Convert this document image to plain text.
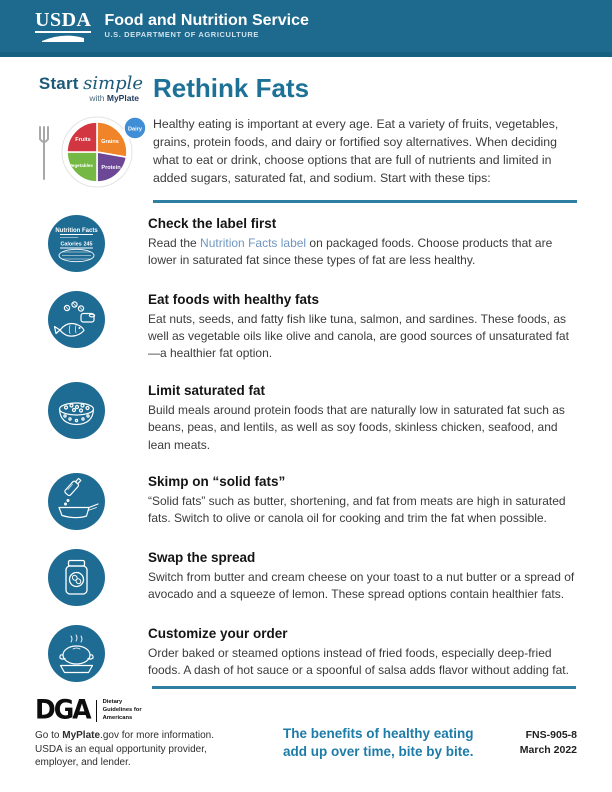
USDA Food and Nutrition Service
U.S. DEPARTMENT OF AGRICULTURE
Start simple
with MyPlate
Fruits Grains
Vegetables Protein
Dairy
Rethink Fats

Healthy eating is important at every age. Eat a variety of fruits, vegetables, grains, protein foods, and dairy or fortified soy alternatives. When deciding what to eat or drink, choose options that are full of nutrients and limited in added sugars, saturated fat, and sodium. Start with these tips:

Nutrition Facts
Calories 245
Check the label first

Read the Nutrition Facts label on packaged foods. Choose products that are lower in saturated fat since these types of fat are less healthy.

Eat foods with healthy fats

Eat nuts, seeds, and fatty fish like tuna, salmon, and sardines. These foods, as well as vegetable oils like olive and canola, are good sources of unsaturated fat—a healthier fat option.

Limit saturated fat

Build meals around protein foods that are naturally low in saturated fat such as beans, peas, and lentils, as well as soy foods, skinless chicken, seafood, and lean meats.

Skimp on “solid fats”

“Solid fats” such as butter, shortening, and fat from meats are high in saturated fats. Switch to olive or canola oil for cooking and trim the fat when possible.

Swap the spread

Switch from butter and cream cheese on your toast to a nut butter or a spread of avocado and a squeeze of lemon. These spread options contain healthier fats.

Customize your order

Order baked or steamed options instead of fried foods, especially deep-fried foods. A dash of hot sauce or a spoonful of salsa adds flavor without adding fat.

DGA Dietary Guidelines for Americans
Go to MyPlate.gov for more information.
USDA is an equal opportunity provider, employer, and lender.
The benefits of healthy eating
add up over time, bite by bite.
FNS-905-8
March 2022
